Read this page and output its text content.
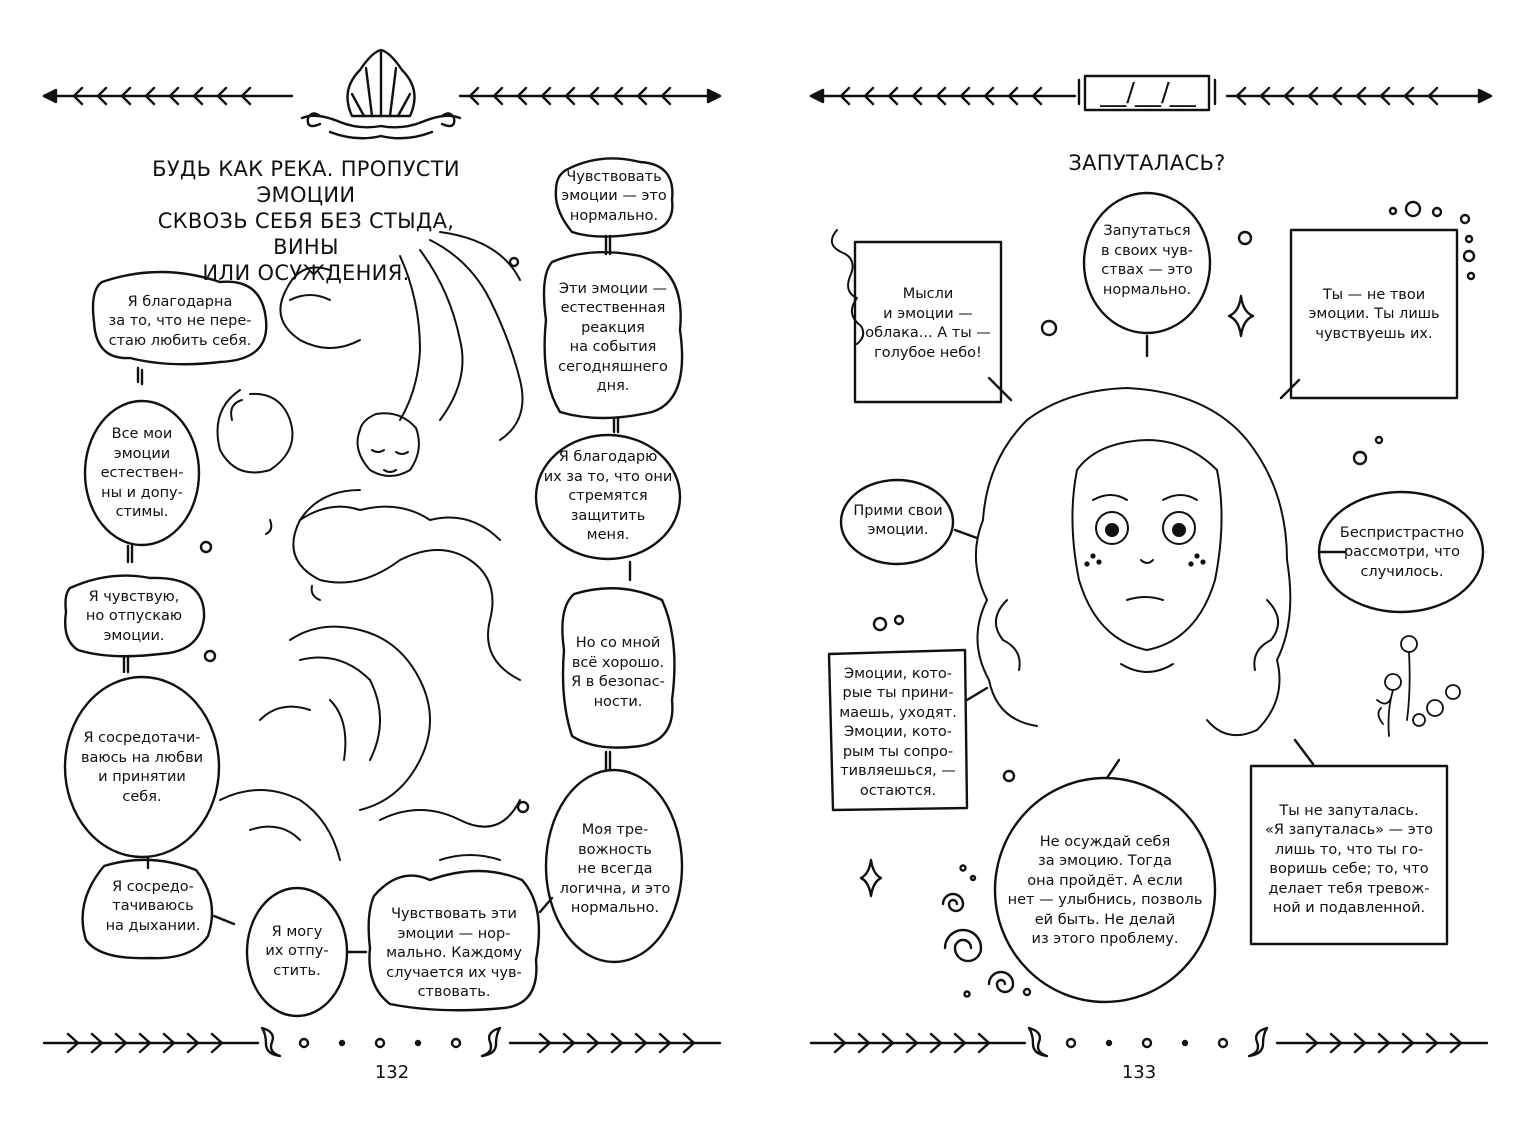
БУДЬ КАК РЕКА. ПРОПУСТИ ЭМОЦИИ
СКВОЗЬ СЕБЯ БЕЗ СТЫДА, ВИНЫ
ИЛИ ОСУЖДЕНИЯ.
Я благодарна
за то, что не пере-
стаю любить себя.
Все мои
эмоции
естествен-
ны и допу-
стимы.
Я чувствую,
но отпускаю
эмоции.
Я сосредотачи-
ваюсь на любви
и принятии
себя.
Я сосредо-
тачиваюсь
на дыхании.	Я могу
их отпу-
стить.
Чувствовать эти
эмоции — нор-
мально. Каждому
случается их чув-
ствовать.
Чувствовать
эмоции — это
нормально.
Эти эмоции —
естественная
реакция
на события
сегодняшнего
дня.
Я благодарю
их за то, что они
стремятся защитить
меня.
Но со мной
всё хорошо.
Я в безопас-
ности.
Моя тре-
вожность
не всегда
логична, и это
нормально.
132
__/__/__
ЗАПУТАЛАСЬ?
Мысли
и эмоции —
облака... А ты —
голубое небо!
Запутаться
в своих чув-
ствах — это
нормально.	Ты — не твои
эмоции. Ты лишь
чувствуешь их.
Прими свои
эмоции.	Беспристрастно
рассмотри, что
случилось.
Эмоции, кото-
рые ты прини-
маешь, уходят.
Эмоции, кото-
рым ты сопро-
тивляешься, —
остаются.
Не осуждай себя
за эмоцию. Тогда
она пройдёт. А если
нет — улыбнись, позволь
ей быть. Не делай
из этого проблему.
Ты не запуталась.
«Я запуталась» — это
лишь то, что ты го-
воришь себе; то, что
делает тебя тревож-
ной и подавленной.
133
